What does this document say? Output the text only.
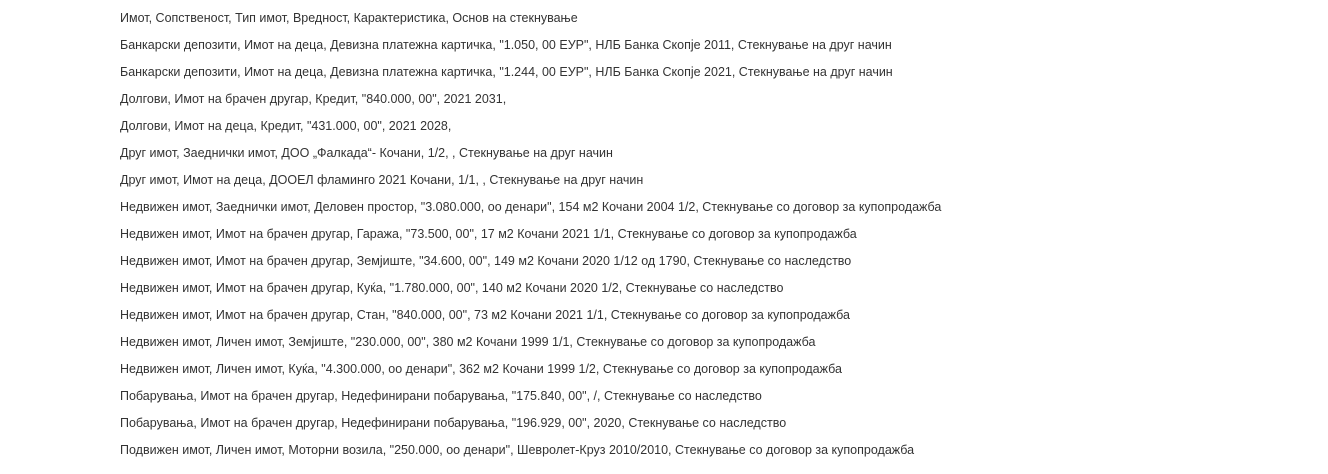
Имот, Сопственост, Тип имот, Вредност, Карактеристика, Основ на стекнување
Банкарски депозити, Имот на деца, Девизна платежна картичка, "1.050, 00 ЕУР", НЛБ Банка Скопје 2011, Стекнување на друг начин
Банкарски депозити, Имот на деца, Девизна платежна картичка, "1.244, 00 ЕУР", НЛБ Банка Скопје 2021, Стекнување на друг начин
Долгови, Имот на брачен другар, Кредит, "840.000, 00", 2021 2031,
Долгови, Имот на деца, Кредит, "431.000, 00", 2021 2028,
Друг имот, Заеднички имот, ДОО „Фалкада“- Кочани, 1/2, , Стекнување на друг начин
Друг имот, Имот на деца, ДООЕЛ фламинго 2021 Кочани, 1/1, , Стекнување на друг начин
Недвижен имот, Заеднички имот, Деловен простор, "3.080.000, оо денари", 154 м2 Кочани 2004 1/2, Стекнување со договор за купопродажба
Недвижен имот, Имот на брачен другар, Гаража, "73.500, 00", 17 м2 Кочани 2021 1/1, Стекнување со договор за купопродажба
Недвижен имот, Имот на брачен другар, Земјиште, "34.600, 00", 149 м2 Кочани 2020 1/12 од 1790, Стекнување со наследство
Недвижен имот, Имот на брачен другар, Куќа, "1.780.000, 00", 140 м2 Кочани 2020 1/2, Стекнување со наследство
Недвижен имот, Имот на брачен другар, Стан, "840.000, 00", 73 м2 Кочани 2021 1/1, Стекнување со договор за купопродажба
Недвижен имот, Личен имот, Земјиште, "230.000, 00", 380 м2 Кочани 1999 1/1, Стекнување со договор за купопродажба
Недвижен имот, Личен имот, Куќа, "4.300.000, оо денари", 362 м2 Кочани 1999 1/2, Стекнување со договор за купопродажба
Побарувања, Имот на брачен другар, Недефинирани побарувања, "175.840, 00", /, Стекнување со наследство
Побарувања, Имот на брачен другар, Недефинирани побарувања, "196.929, 00", 2020, Стекнување со наследство
Подвижен имот, Личен имот, Моторни возила, "250.000, оо денари", Шевролет-Круз 2010/2010, Стекнување со договор за купопродажба
